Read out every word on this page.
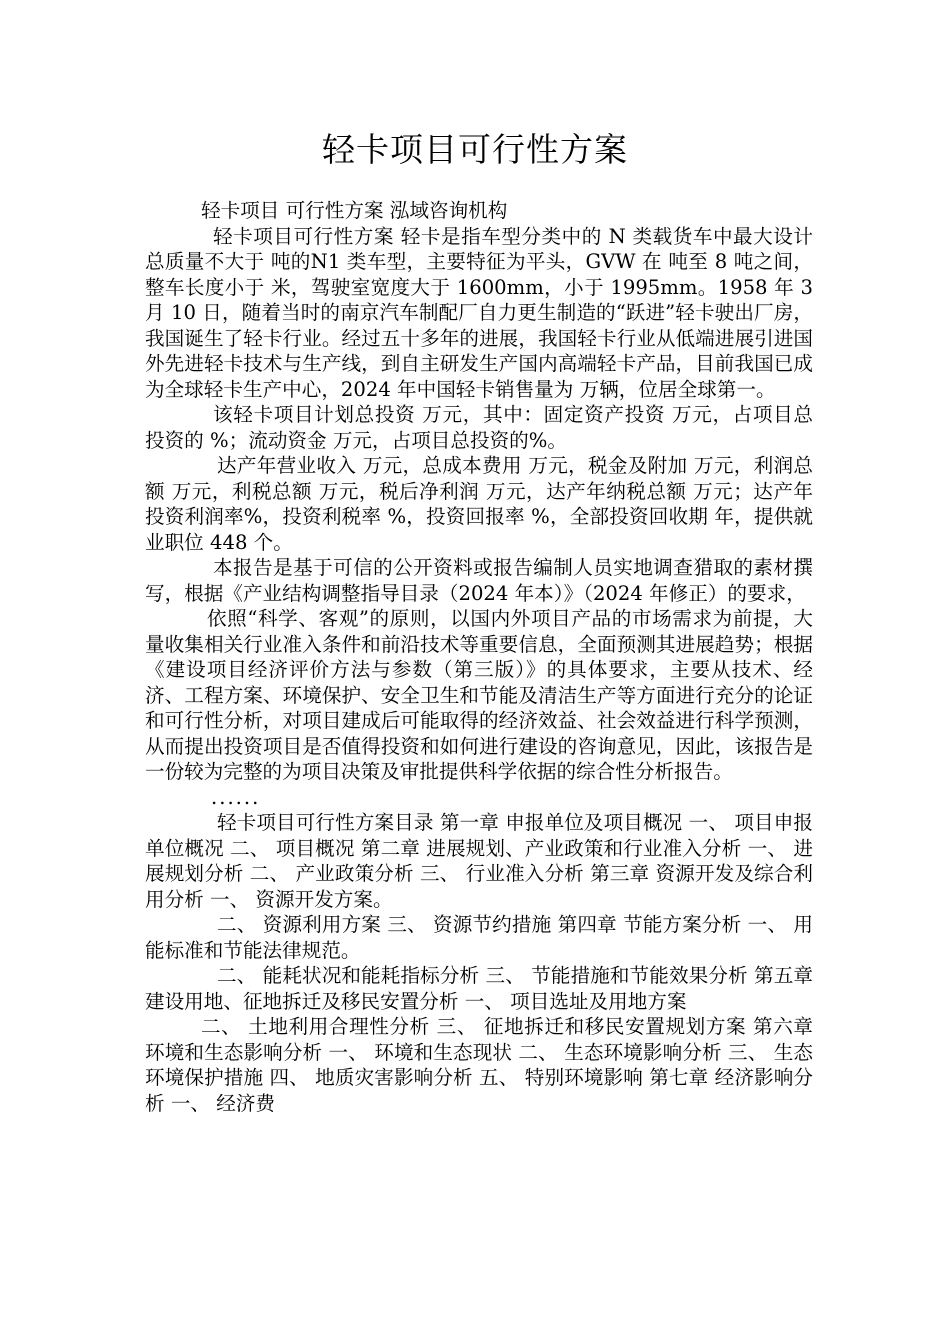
轻卡项目可行性方案

轻卡项目 可行性方案 泓域咨询机构

轻卡项目可行性方案 轻卡是指车型分类中的 N 类载货车中最大设计总质量不大于 吨的N1 类车型，主要特征为平头，GVW 在 吨至 8 吨之间，整车长度小于 米，驾驶室宽度大于 1600mm，小于 1995mm。1958 年 3 月 10 日，随着当时的南京汽车制配厂自力更生制造的“跃进”轻卡驶出厂房，我国诞生了轻卡行业。经过五十多年的进展，我国轻卡行业从低端进展引进国外先进轻卡技术与生产线，到自主研发生产国内高端轻卡产品，目前我国已成为全球轻卡生产中心，2024 年中国轻卡销售量为 万辆，位居全球第一。

该轻卡项目计划总投资 万元，其中：固定资产投资 万元，占项目总投资的 %；流动资金 万元，占项目总投资的%。

达产年营业收入 万元，总成本费用 万元，税金及附加 万元，利润总额 万元，利税总额 万元，税后净利润 万元，达产年纳税总额 万元；达产年投资利润率%，投资利税率 %，投资回报率 %，全部投资回收期 年，提供就业职位 448 个。

本报告是基于可信的公开资料或报告编制人员实地调查猎取的素材撰写，根据《产业结构调整指导目录（2024 年本）》（2024 年修正）的要求，

依照“科学、客观”的原则，以国内外项目产品的市场需求为前提，大量收集相关行业准入条件和前沿技术等重要信息，全面预测其进展趋势；根据《建设项目经济评价方法与参数（第三版）》的具体要求，主要从技术、经济、工程方案、环境保护、安全卫生和节能及清洁生产等方面进行充分的论证和可行性分析，对项目建成后可能取得的经济效益、社会效益进行科学预测，从而提出投资项目是否值得投资和如何进行建设的咨询意见，因此，该报告是一份较为完整的为项目决策及审批提供科学依据的综合性分析报告。

......

轻卡项目可行性方案目录 第一章 申报单位及项目概况 一、 项目申报单位概况 二、 项目概况 第二章 进展规划、产业政策和行业准入分析 一、 进展规划分析 二、 产业政策分析 三、 行业准入分析 第三章 资源开发及综合利用分析 一、 资源开发方案。

二、 资源利用方案 三、 资源节约措施 第四章 节能方案分析 一、 用能标准和节能法律规范。

二、 能耗状况和能耗指标分析 三、 节能措施和节能效果分析 第五章 建设用地、征地拆迁及移民安置分析 一、 项目选址及用地方案

二、 土地利用合理性分析 三、 征地拆迁和移民安置规划方案 第六章 环境和生态影响分析 一、 环境和生态现状 二、 生态环境影响分析 三、 生态环境保护措施 四、 地质灾害影响分析 五、 特别环境影响 第七章 经济影响分析 一、 经济费
